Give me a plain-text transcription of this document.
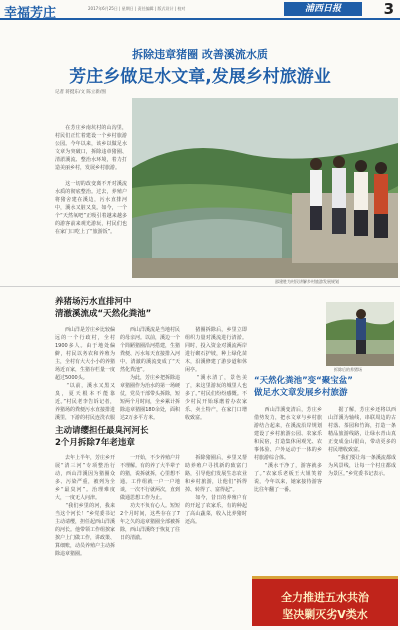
幸福芳庄	2017年6月25日 | 星期日 | 责任编辑 | 版式设计 | 校对	浦西日报	3
拆除违章猪圈 改善溪流水质
芳庄乡做足水文章,发展乡村旅游业
记者 蒋挺东/文 陈立新/图
　　在芳庄乡南坑村的山沟里，村民们正忙着建设一个乡村旅游公园。今年以来，该乡以做足水文章为突破口，拆除违章猪圈、清淤溪流、整治水环境，着力打造美丽乡村，发展乡村旅游。

　　这一切的改变离不开对溪流水质的彻底整治。过去，养殖户将猪舍建在溪边，污水直排河中，溪水又脏又臭。如今，一个个“天然氧吧”正吸引着越来越多的游客前来观光游玩，村民们也在家门口吃上了“旅游饭”。
邵建胜为村民讲解乡村旅游发展规划
养猪场污水直排河中
清澈溪流成“天然化粪池”
　　西山洋是芳庄乡比较偏远的一个行政村，全村1900多人。由于地处偏僻，村民以务农和养殖为主，全村有大大小小的养猪场近百家，生猪存栏量一度超过5000头。
　　“以前，溪水又黑又臭，夏天根本不能靠近。”村民老李告诉记者，养猪场的粪便污水直接排进溪里，下游的村民连洗衣服
　　西山洋溪流是当地村民的母亲河。以前，溪边一个个简陋猪圈沿河搭建，生猪粪便、污水每天直接排入河中，清澈的溪流变成了“天然化粪池”。
　　为此，芳庄乡把拆除违章猪圈作为治水的第一场硬仗，党员干部带头拆除，短短两个月时间，全乡累计拆除违章猪圈180余处，面积达2万多平方米。
　　猪圈拆除后，乡里立即组织力量对溪流进行清淤。同时，投入资金对溪流两岸进行砌石护坡，种上绿化苗木，沿溪修建了游步道和休闲亭。
　　“溪水清了，景色美了，来这里游玩的城里人也多了。”村民们纷纷感慨。不少村民开始琢磨着办农家乐、卖土特产，在家门口增收致富。
拆除后的养猪场
“天然化粪池”变“聚宝盆”
做足水文章发展乡村旅游
　　西山洋溪变清后，芳庄乡借势发力，把水文章与乡村旅游结合起来，在溪流沿岸规划建设了乡村旅游公园、农家乐和民宿，打造集休闲观光、农事体验、户外运动于一体的乡村旅游综合体。
　　“溪水干净了，游客就多了。”农家乐老板王大姐笑着说，今年以来，她家接待游客比往年翻了一番。
　　据了解，芳庄乡还将以西山洋溪为轴线，串联周边的古村落、茶园和竹海，打造一条精品旅游线路，让绿水青山真正变成金山银山，带动更多的村民增收致富。
　　“我们要让每一条溪流都成为风景线，让每一个村庄都成为景区。”乡党委书记表示。
主动请缨担任最臭河河长
2个月拆除7年老违章
　　去年上半年，芳庄乡开展“清三河”专项整治行动，西山洋溪因为猪圈众多、污染严重，被列为全乡“最臭河”。治理难度大，一度无人问津。
　　“我们乡里的河，我来当这个河长！”乡党委书记主动请缨，担任起西山洋溪的河长。他带领工作组挨家挨户上门做工作，讲政策、算细账，动员养殖户主动拆除违章猪圈。
　　一开始，不少养殖户并不理解。有的养了大半辈子的猪，说拆就拆，心里想不通。工作组就一户一户地谈，一次不行就两次，直到做通思想工作为止。
　　功夫不负有心人。短短2个月时间，这些存在了7年之久的违章猪圈全部被拆除，西山洋溪终于恢复了往日的清澈。
　　拆除猪圈后，乡里又帮助养殖户寻找新的致富门路，引导他们发展生态农业和乡村旅游，让他们“拆得掉、转得了、富得起”。
　　如今，昔日的养殖户有的开起了农家乐，有的种起了高山蔬菜，收入比养猪时还高。
全力推进五水共治
坚决剿灭劣Ⅴ类水
